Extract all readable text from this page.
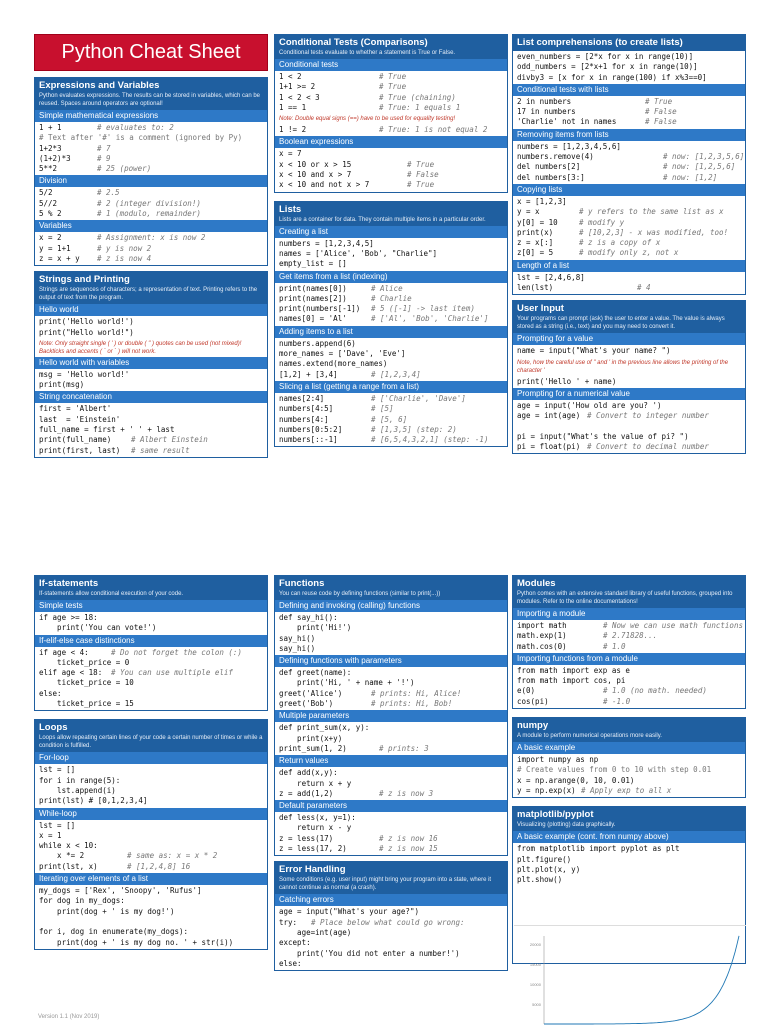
Python Cheat Sheet
Expressions and Variables
Python evaluates expressions. The results can be stored in variables, which can be reused. Spaces around operators are optional!
Simple mathematical expressions
1 + 1	# evaluates to: 2
# Text after '#' is a comment (ignored by Py)
1+2*3	# 7
(1+2)*3	# 9
5**2	# 25 (power)
Division
5/2	# 2.5
5//2	# 2 (integer division!)
5 % 2	# 1 (modulo, remainder)
Variables
x = 2	# Assignment: x is now 2
y = 1+1	# y is now 2
z = x + y	# z is now 4
Strings and Printing
Strings are sequences of characters; a representation of text. Printing refers to the output of text from the program.
Hello world
print('Hello world!')
print("Hello world!")
Note: Only straight single ( ' ) or double ( " ) quotes can be used (not mixed)! Backticks and accents ( ´ or ` ) will not work.
Hello world with variables
msg = 'Hello world!'
print(msg)
String concatenation
first = 'Albert'
last  = 'Einstein'
full_name = first + ' ' + last
print(full_name)	# Albert Einstein
print(first, last)	# same result
Conditional Tests (Comparisons)
Conditional tests evaluate to whether a statement is True or False.
Conditional tests
1 < 2	# True
1+1 >= 2	# True
1 < 2 < 3	# True (chaining)
1 == 1	# True: 1 equals 1
Note: Double equal signs (==) have to be used for equality testing!
1 != 2	# True: 1 is not equal 2
Boolean expressions
x = 7
x < 10 or x > 15	# True
x < 10 and x > 7	# False
x < 10 and not x > 7	# True
Lists
Lists are a container for data. They contain multiple items in a particular order.
Creating a list
numbers = [1,2,3,4,5]
names = ['Alice', 'Bob', "Charlie"]
empty_list = []
Get items from a list (indexing)
print(names[0])	# Alice
print(names[2])	# Charlie
print(numbers[-1])	# 5 ([-1] -> last item)
names[0] = 'Al'	# ['Al', 'Bob', 'Charlie']
Adding items to a list
numbers.append(6)
more_names = ['Dave', 'Eve']
names.extend(more_names)
[1,2] + [3,4]	# [1,2,3,4]
Slicing a list (getting a range from a list)
names[2:4]	# ['Charlie', 'Dave']
numbers[4:5]	# [5]
numbers[4:]	# [5, 6]
numbers[0:5:2]	# [1,3,5] (step: 2)
numbers[::-1]	# [6,5,4,3,2,1] (step: -1)
List comprehensions (to create lists)
even_numbers = [2*x for x in range(10)]
odd_numbers = [2*x+1 for x in range(10)]
divby3 = [x for x in range(100) if x%3==0]
Conditional tests with lists
2 in numbers	# True
17 in numbers	# False
'Charlie' not in names	# False
Removing items from lists
numbers = [1,2,3,4,5,6]
numbers.remove(4)	# now: [1,2,3,5,6]
del numbers[2]	# now: [1,2,5,6]
del numbers[3:]	# now: [1,2]
Copying lists
x = [1,2,3]
y = x	# y refers to the same list as x
y[0] = 10	# modify y
print(x)	# [10,2,3] - x was modified, too!
z = x[:]	# z is a copy of x
z[0] = 5	# modify only z, not x
Length of a list
lst = [2,4,6,8]
len(lst)	# 4
User Input
Your programs can prompt (ask) the user to enter a value. The value is always stored as a string (i.e., text) and you may need to convert it.
Prompting for a value
name = input("What's your name? ")
Note, how the careful use of " and ' in the previous line allows the printing of the character '
print('Hello ' + name)
Prompting for a numerical value
age = input('How old are you? ')
age = int(age) # Convert to integer number

pi = input("What's the value of pi? ")
pi = float(pi) # Convert to decimal number
If-statements
If-statements allow conditional execution of your code.
Simple tests
if age >= 18:
print('You can vote!')
If-elif-else case distinctions
if age < 4:	# Do not forget the colon (:)
ticket_price = 0
elif age < 18:	# You can use multiple elif
ticket_price = 10
else:
ticket_price = 15
Loops
Loops allow repeating certain lines of your code a certain number of times or while a condition is fulfilled.
For-loop
lst = []
for i in range(5):
lst.append(i)
print(lst) # [0,1,2,3,4]
While-loop
lst = []
x = 1
while x < 10:
x *= 2	# same as: x = x * 2
print(lst, x)	# [1,2,4,8] 16
Iterating over elements of a list
my_dogs = ['Rex', 'Snoopy', 'Rufus']
for dog in my_dogs:
print(dog + ' is my dog!')

for i, dog in enumerate(my_dogs):
print(dog + ' is my dog no. ' + str(i))
Functions
You can reuse code by defining functions (similar to print(...))
Defining and invoking (calling) functions
def say_hi():
print('Hi!')
say_hi()
say_hi()
Defining functions with parameters
def greet(name):
print('Hi, ' + name + '!')
greet('Alice')	# prints: Hi, Alice!
greet('Bob')	# prints: Hi, Bob!
Multiple parameters
def print_sum(x, y):
print(x+y)
print_sum(1, 2)	# prints: 3
Return values
def add(x,y):
return x + y
z = add(1,2)	# z is now 3
Default parameters
def less(x, y=1):
return x - y
z = less(17)	# z is now 16
z = less(17, 2)	# z is now 15
Error Handling
Some conditions (e.g. user input) might bring your program into a state, where it cannot continue as normal (a crash).
Catching errors
age = input("What's your age?")
try:	# Place below what could go wrong:
age=int(age)
except:
print('You did not enter a number!')
else:
Modules
Python comes with an extensive standard library of useful functions, grouped into modules. Refer to the online documentations!
Importing a module
import math	# Now we can use math functions
math.exp(1)	# 2.71828...
math.cos(0)	# 1.0
Importing functions from a module
from math import exp as e
from math import cos, pi
e(0)	# 1.0 (no math. needed)
cos(pi)	# -1.0
numpy
A module to perform numerical operations more easily.
A basic example
import numpy as np
# Create values from 0 to 10 with step 0.01
x = np.arange(0, 10, 0.01)
y = np.exp(x) # Apply exp to all x
matplotlib/pyplot
Visualizing (plotting) data graphically.
A basic example (cont. from numpy above)
from matplotlib import pyplot as plt
plt.figure()
plt.plot(x, y)
plt.show()
20000
15000
10000
5000
Version 1.1 (Nov 2019)
